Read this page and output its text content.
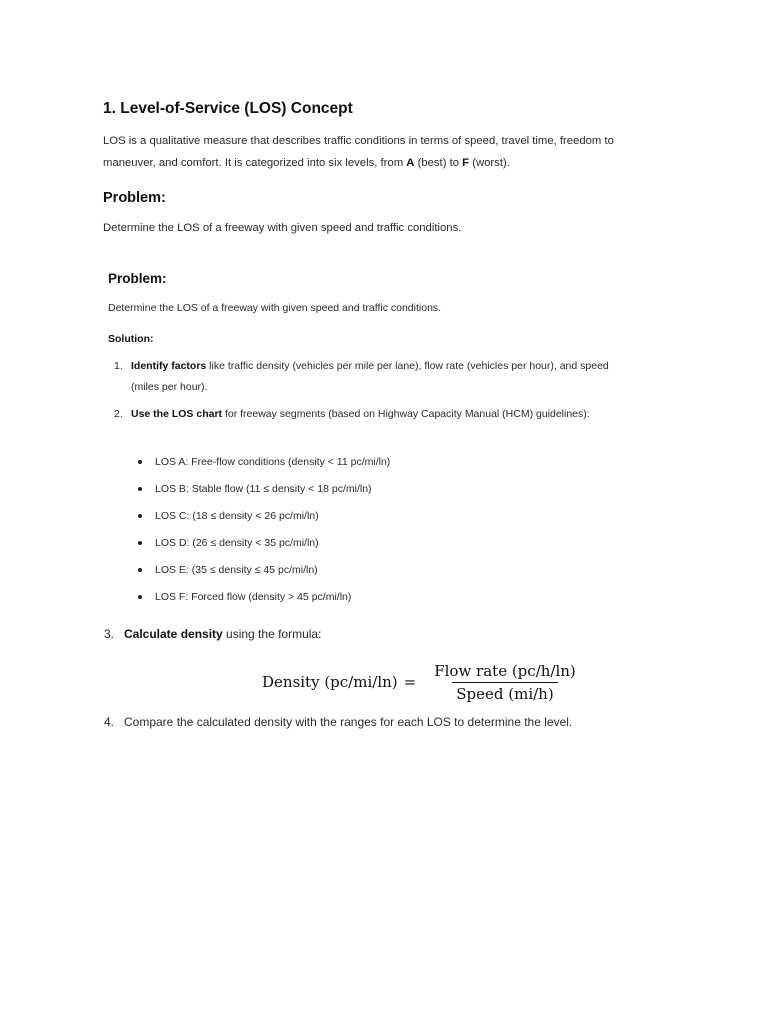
1. Level-of-Service (LOS) Concept

LOS is a qualitative measure that describes traffic conditions in terms of speed, travel time, freedom to maneuver, and comfort. It is categorized into six levels, from A (best) to F (worst).

Problem:

Determine the LOS of a freeway with given speed and traffic conditions.

Problem:

Determine the LOS of a freeway with given speed and traffic conditions.

Solution:
1. Identify factors like traffic density (vehicles per mile per lane), flow rate (vehicles per hour), and speed (miles per hour).
2. Use the LOS chart for freeway segments (based on Highway Capacity Manual (HCM) guidelines):
LOS A: Free-flow conditions (density < 11 pc/mi/ln)
LOS B: Stable flow (11 ≤ density < 18 pc/mi/ln)
LOS C: (18 ≤ density < 26 pc/mi/ln)
LOS D: (26 ≤ density < 35 pc/mi/ln)
LOS E: (35 ≤ density ≤ 45 pc/mi/ln)
LOS F: Forced flow (density > 45 pc/mi/ln)
3. Calculate density using the formula:
Density $(pc/mi/\ln) = \frac{\text{Flow rate (pc/h/ln)}}{\text{Speed (mi/h)}}$
4. Compare the calculated density with the ranges for each LOS to determine the level.
